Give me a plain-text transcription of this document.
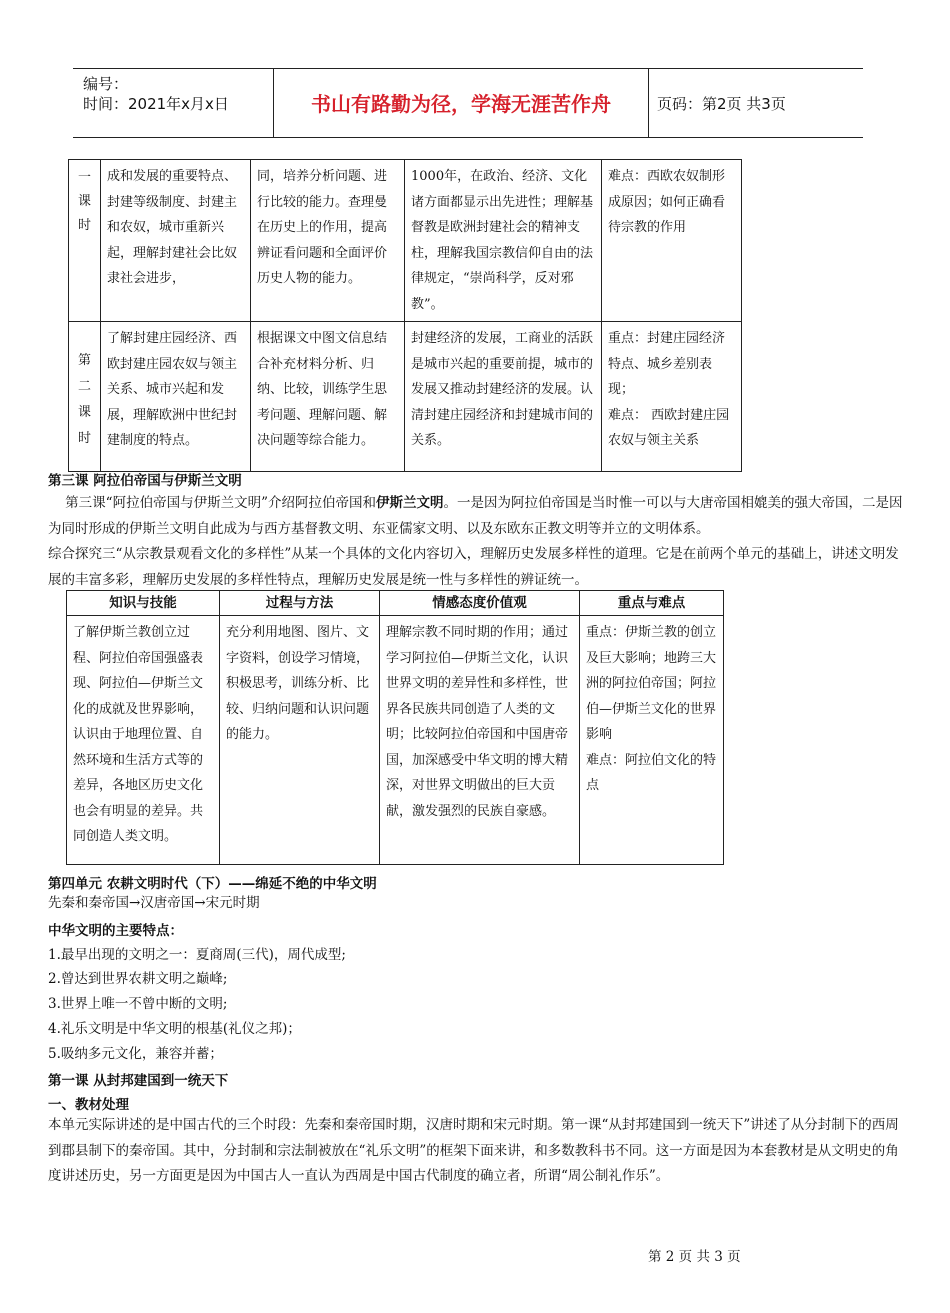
编号：
时间：2021年x月x日	书山有路勤为径，学海无涯苦作舟	页码：第2页 共3页
一
课
时	成和发展的重要特点、封建等级制度、封建主和农奴，城市重新兴起，理解封建社会比奴隶社会进步，	同，培养分析问题、进行比较的能力。查理曼在历史上的作用，提高辨证看问题和全面评价历史人物的能力。	1000年，在政治、经济、文化诸方面都显示出先进性；理解基督教是欧洲封建社会的精神支柱，理解我国宗教信仰自由的法律规定，“崇尚科学，反对邪教”。	难点：西欧农奴制形成原因；如何正确看待宗教的作用
第
二
课
时	了解封建庄园经济、西欧封建庄园农奴与领主关系、城市兴起和发展，理解欧洲中世纪封建制度的特点。	根据课文中图文信息结合补充材料分析、归纳、比较，训练学生思考问题、理解问题、解决问题等综合能力。	封建经济的发展，工商业的活跃是城市兴起的重要前提，城市的发展又推动封建经济的发展。认清封建庄园经济和封建城市间的关系。	重点：封建庄园经济特点、城乡差别表现；
难点： 西欧封建庄园农奴与领主关系
第三课 阿拉伯帝国与伊斯兰文明
第三课“阿拉伯帝国与伊斯兰文明”介绍阿拉伯帝国和伊斯兰文明。一是因为阿拉伯帝国是当时惟一可以与大唐帝国相媲美的强大帝国，二是因为同时形成的伊斯兰文明自此成为与西方基督教文明、东亚儒家文明、以及东欧东正教文明等并立的文明体系。
综合探究三“从宗教景观看文化的多样性”从某一个具体的文化内容切入，理解历史发展多样性的道理。它是在前两个单元的基础上，讲述文明发展的丰富多彩，理解历史发展的多样性特点，理解历史发展是统一性与多样性的辨证统一。
知识与技能	过程与方法	情感态度价值观	重点与难点
了解伊斯兰教创立过程、阿拉伯帝国强盛表现、阿拉伯—伊斯兰文化的成就及世界影响，认识由于地理位置、自然环境和生活方式等的差异，各地区历史文化也会有明显的差异。共同创造人类文明。	充分利用地图、图片、文字资料，创设学习情境，积极思考，训练分析、比较、归纳问题和认识问题的能力。	理解宗教不同时期的作用；通过学习阿拉伯—伊斯兰文化，认识世界文明的差异性和多样性，世界各民族共同创造了人类的文明；比较阿拉伯帝国和中国唐帝国，加深感受中华文明的博大精深，对世界文明做出的巨大贡献，激发强烈的民族自豪感。	重点：伊斯兰教的创立及巨大影响；地跨三大洲的阿拉伯帝国；阿拉伯—伊斯兰文化的世界影响
难点：阿拉伯文化的特点
第四单元 农耕文明时代（下）——绵延不绝的中华文明
先秦和秦帝国→汉唐帝国→宋元时期
中华文明的主要特点：
1.最早出现的文明之一：夏商周(三代)，周代成型;
2.曾达到世界农耕文明之巅峰;
3.世界上唯一不曾中断的文明;
4.礼乐文明是中华文明的根基(礼仪之邦)；
5.吸纳多元文化，兼容并蓄；
第一课 从封邦建国到一统天下
一、教材处理
本单元实际讲述的是中国古代的三个时段：先秦和秦帝国时期，汉唐时期和宋元时期。第一课“从封邦建国到一统天下”讲述了从分封制下的西周到郡县制下的秦帝国。其中，分封制和宗法制被放在“礼乐文明”的框架下面来讲，和多数教科书不同。这一方面是因为本套教材是从文明史的角度讲述历史，另一方面更是因为中国古人一直认为西周是中国古代制度的确立者，所谓“周公制礼作乐”。
第 2 页 共 3 页
